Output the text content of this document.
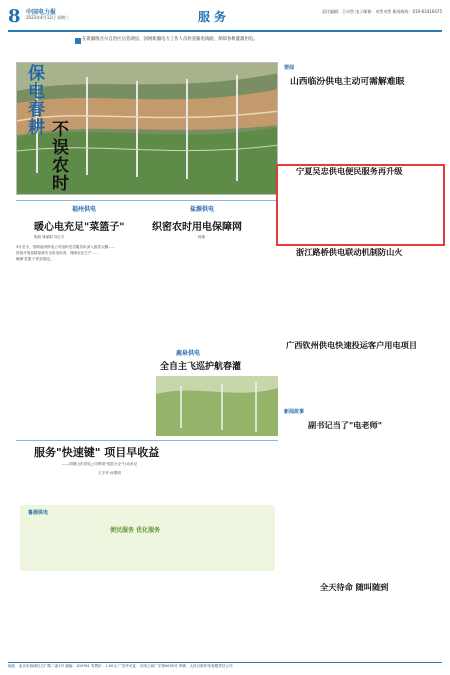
8 中国电力报
2023年4月12日 星期三	服务	责任编辑：王卓然 电子邮箱：卓然卓然 新闻热线：010-63416475
在新疆维吾尔自治区岳普湖县，国网新疆电力工作人员检查输电线路，保障春耕灌溉用电。
保电春耕
不误农时
福州供电
暖心电充足"菜篮子"
陈晨 林丽娟 苏红平
3月至今，国网福州供电公司组织党员服务队深入蔬菜大棚……
持续开展春耕备耕安全用电检查，保障农业生产……
确保'菜篮子'供应稳定。
盐源供电
织密农时用电保障网
杨燕
鹿泉供电
全自主飞巡护航春灌
要闻
山西临汾供电主动可需解难眼
宁夏吴忠供电便民服务再升级
浙江路桥供电联动机制防山火
广西钦州供电快速投运客户用电项目
新闻故事
副书记当了"电老师"
全天待命 随叫随到
服务"快速键" 项目早收益
——国网山东供电公司利用"电影万企"行动举记
王宇华 孙增明
鲁源供电
便民服务 优化服务
地址：北京市西城区白广路二条1号 邮编：100761 零售价：1.00元 广告许可证：京西工商广字第0035号 印刷：人民日报印务有限责任公司
